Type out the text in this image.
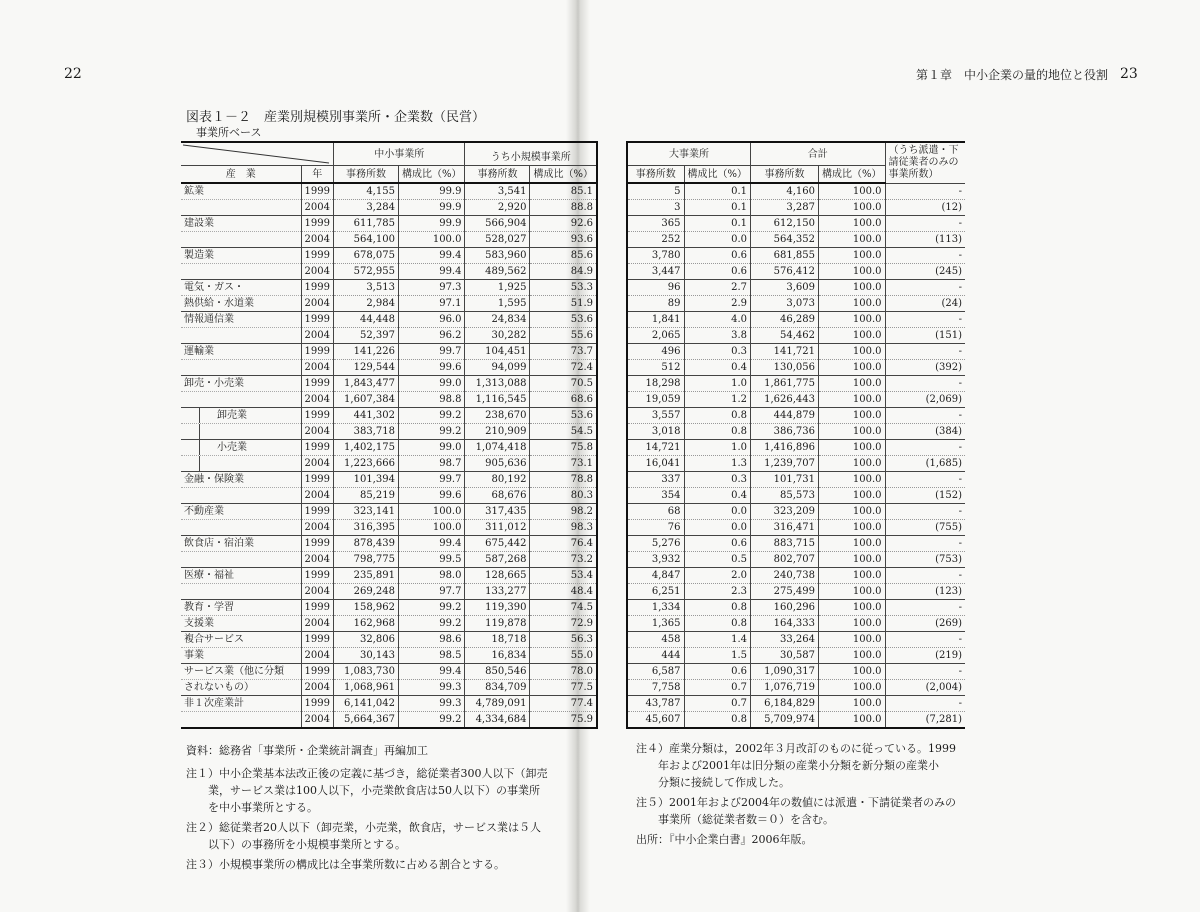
22	第１章　中小企業の量的地位と役割 23
図表１－２　産業別規模別事業所・企業数（民営）
事業所ベース
	中小事業所		うち小規模事業所	
産　業	年	事務所数	構成比（%）	事務所数	構成比（%）
鉱業	1999	4,155	99.9	3,541	85.1
	2004	3,284	99.9	2,920	88.8
建設業	1999	611,785	99.9	566,904	92.6
	2004	564,100	100.0	528,027	93.6
製造業	1999	678,075	99.4	583,960	85.6
	2004	572,955	99.4	489,562	84.9
電気・ガス・	1999	3,513	97.3	1,925	53.3
熱供給・水道業	2004	2,984	97.1	1,595	51.9
情報通信業	1999	44,448	96.0	24,834	53.6
	2004	52,397	96.2	30,282	55.6
運輸業	1999	141,226	99.7	104,451	73.7
	2004	129,544	99.6	94,099	72.4
卸売・小売業	1999	1,843,477	99.0	1,313,088	70.5
	2004	1,607,384	98.8	1,116,545	68.6
卸売業	1999	441,302	99.2	238,670	53.6
	2004	383,718	99.2	210,909	54.5
小売業	1999	1,402,175	99.0	1,074,418	75.8
	2004	1,223,666	98.7	905,636	73.1
金融・保険業	1999	101,394	99.7	80,192	78.8
	2004	85,219	99.6	68,676	80.3
不動産業	1999	323,141	100.0	317,435	98.2
	2004	316,395	100.0	311,012	98.3
飲食店・宿泊業	1999	878,439	99.4	675,442	76.4
	2004	798,775	99.5	587,268	73.2
医療・福祉	1999	235,891	98.0	128,665	53.4
	2004	269,248	97.7	133,277	48.4
教育・学習	1999	158,962	99.2	119,390	74.5
支援業	2004	162,968	99.2	119,878	72.9
複合サービス	1999	32,806	98.6	18,718	56.3
事業	2004	30,143	98.5	16,834	55.0
サービス業（他に分類	1999	1,083,730	99.4	850,546	78.0
されないもの）	2004	1,068,961	99.3	834,709	77.5
非１次産業計	1999	6,141,042	99.3	4,789,091	77.4
	2004	5,664,367	99.2	4,334,684	75.9
大事業所		合計		（うち派遣・下請従業者のみの事業所数）
事務所数	構成比（%）	事務所数	構成比（%）	
5	0.1	4,160	100.0	-
3	0.1	3,287	100.0	(12)
365	0.1	612,150	100.0	-
252	0.0	564,352	100.0	(113)
3,780	0.6	681,855	100.0	-
3,447	0.6	576,412	100.0	(245)
96	2.7	3,609	100.0	-
89	2.9	3,073	100.0	(24)
1,841	4.0	46,289	100.0	-
2,065	3.8	54,462	100.0	(151)
496	0.3	141,721	100.0	-
512	0.4	130,056	100.0	(392)
18,298	1.0	1,861,775	100.0	-
19,059	1.2	1,626,443	100.0	(2,069)
3,557	0.8	444,879	100.0	-
3,018	0.8	386,736	100.0	(384)
14,721	1.0	1,416,896	100.0	-
16,041	1.3	1,239,707	100.0	(1,685)
337	0.3	101,731	100.0	-
354	0.4	85,573	100.0	(152)
68	0.0	323,209	100.0	-
76	0.0	316,471	100.0	(755)
5,276	0.6	883,715	100.0	-
3,932	0.5	802,707	100.0	(753)
4,847	2.0	240,738	100.0	-
6,251	2.3	275,499	100.0	(123)
1,334	0.8	160,296	100.0	-
1,365	0.8	164,333	100.0	(269)
458	1.4	33,264	100.0	-
444	1.5	30,587	100.0	(219)
6,587	0.6	1,090,317	100.0	-
7,758	0.7	1,076,719	100.0	(2,004)
43,787	0.7	6,184,829	100.0	-
45,607	0.8	5,709,974	100.0	(7,281)
資料：総務省「事業所・企業統計調査」再編加工
注１）中小企業基本法改正後の定義に基づき，総従業者300人以下（卸売
業，サービス業は100人以下，小売業飲食店は50人以下）の事業所
を中小事業所とする。
注２）総従業者20人以下（卸売業，小売業，飲食店，サービス業は５人
以下）の事務所を小規模事業所とする。
注３）小規模事業所の構成比は全事業所数に占める割合とする。
注４）産業分類は，2002年３月改訂のものに従っている。1999
年および2001年は旧分類の産業小分類を新分類の産業小
分類に接続して作成した。
注５）2001年および2004年の数値には派遣・下請従業者のみの
事業所（総従業者数＝０）を含む。
出所：『中小企業白書』2006年版。
